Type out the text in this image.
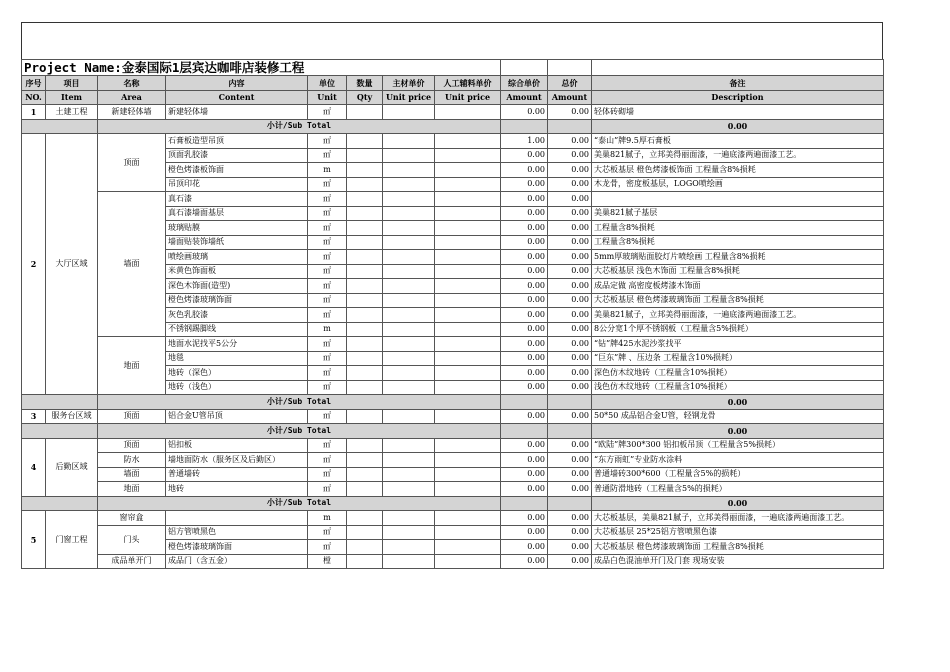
Project Name:金泰国际1层宾达咖啡店装修工程										
序号	项目	名称	内容	单位	数量	主材单价	人工辅料单价	综合单价	总价	备注
NO.	Item	Area	Content	Unit	Qty	Unit price	Unit price	Amount	Amount	Description
1	土建工程	新建轻体墙	新建轻体墙	㎡				0.00	0.00	轻体砖砌墙
		小计/Sub Total								0.00
2	大厅区域	顶面	石膏板造型吊顶	㎡				1.00	0.00	“泰山”牌9.5厚石膏板
			顶面乳胶漆	㎡				0.00	0.00	美巢821腻子，立邦美得丽面漆，一遍底漆两遍面漆工艺。
			橙色烤漆板饰面	m				0.00	0.00	大芯板基层 橙色烤漆板饰面 工程量含8%损耗
			吊顶印花	㎡				0.00	0.00	木龙骨，密度板基层，LOGO喷绘画
		墙面	真石漆	㎡				0.00	0.00	
			真石漆墙面基层	㎡				0.00	0.00	美巢821腻子基层
			玻璃贴膜	㎡				0.00	0.00	工程量含8%损耗
			墙面贴装饰墙纸	㎡				0.00	0.00	工程量含8%损耗
			喷绘画玻璃	㎡				0.00	0.00	5mm厚玻璃贴面胶灯片喷绘画 工程量含8%损耗
			米黄色饰面板	㎡				0.00	0.00	大芯板基层 浅色木饰面 工程量含8%损耗
			深色木饰面(造型)	㎡				0.00	0.00	成品定做 高密度板烤漆木饰面
			橙色烤漆玻璃饰面	㎡				0.00	0.00	大芯板基层 橙色烤漆玻璃饰面 工程量含8%损耗
			灰色乳胶漆	㎡				0.00	0.00	美巢821腻子，立邦美得丽面漆，一遍底漆两遍面漆工艺。
			不锈钢踢脚线	m				0.00	0.00	8公分宽1个厚不锈钢板（工程量含5%损耗）
		地面	地面水泥找平5公分	㎡				0.00	0.00	“钻”牌425水泥沙浆找平
			地毯	㎡				0.00	0.00	“巨东”牌 、压边条 工程量含10%损耗）
			地砖（深色）	㎡				0.00	0.00	深色仿木纹地砖（工程量含10%损耗）
			地砖（浅色）	㎡				0.00	0.00	浅色仿木纹地砖（工程量含10%损耗）
		小计/Sub Total								0.00
3	服务台区域	顶面	铝合金U管吊顶	㎡				0.00	0.00	50*50 成品铝合金U管，轻钢龙骨
		小计/Sub Total								0.00
4	后勤区域	顶面	铝扣板	㎡				0.00	0.00	“欧陆”牌300*300 铝扣板吊顶（工程量含5%损耗）
		防水	墙地面防水（服务区及后勤区）	㎡				0.00	0.00	“东方雨虹”专业防水涂料
		墙面	普通墙砖	㎡				0.00	0.00	普通墙砖300*600（工程量含5%的损耗）
		地面	地砖	㎡				0.00	0.00	普通防滑地砖（工程量含5%的损耗）
		小计/Sub Total								0.00
5	门窗工程	窗帘盒		m				0.00	0.00	大芯板基层，美巢821腻子，立邦美得丽面漆，一遍底漆两遍面漆工艺。
		门头	铝方管喷黑色	㎡				0.00	0.00	大芯板基层 25*25铝方管喷黑色漆
			橙色烤漆玻璃饰面	㎡				0.00	0.00	大芯板基层 橙色烤漆玻璃饰面 工程量含8%损耗
		成品单开门	成品门（含五金）	樘				0.00	0.00	成品白色混油单开门及门套 现场安装
